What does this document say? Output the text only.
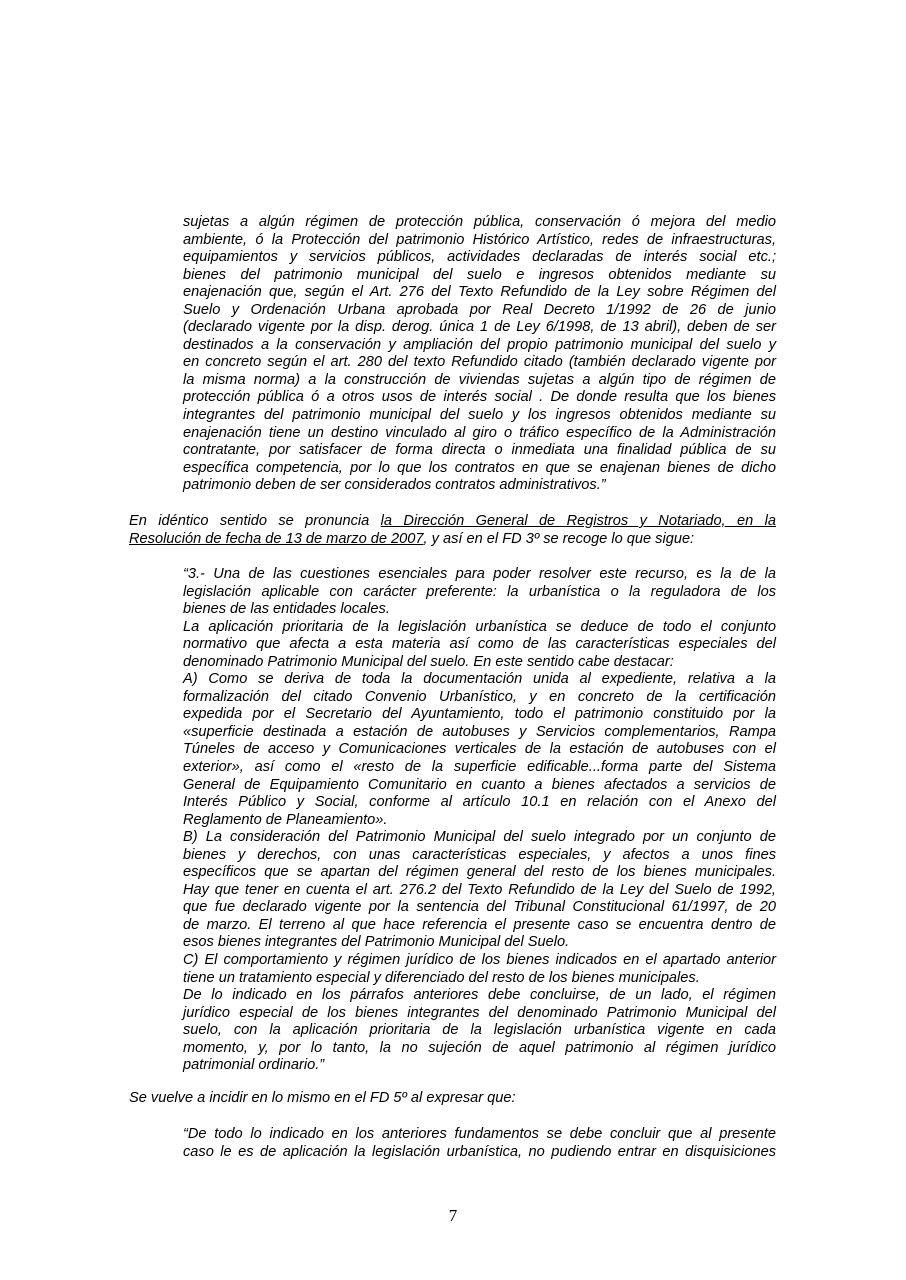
sujetas a algún régimen de protección pública, conservación ó mejora del medio
ambiente, ó la Protección del patrimonio Histórico Artístico, redes de infraestructuras,
equipamientos y servicios públicos, actividades declaradas de interés social etc.;
bienes del patrimonio municipal del suelo e ingresos obtenidos mediante su
enajenación que, según el Art. 276 del Texto Refundido de la Ley sobre Régimen del
Suelo y Ordenación Urbana aprobada por Real Decreto 1/1992 de 26 de junio
(declarado vigente por la disp. derog. única 1 de Ley 6/1998, de 13 abril), deben de ser
destinados a la conservación y ampliación del propio patrimonio municipal del suelo y
en concreto según el art. 280 del texto Refundido citado (también declarado vigente por
la misma norma) a la construcción de viviendas sujetas a algún tipo de régimen de
protección pública ó a otros usos de interés social . De donde resulta que los bienes
integrantes del patrimonio municipal del suelo y los ingresos obtenidos mediante su
enajenación tiene un destino vinculado al giro o tráfico específico de la Administración
contratante, por satisfacer de forma directa o inmediata una finalidad pública de su
específica competencia, por lo que los contratos en que se enajenan bienes de dicho
patrimonio deben de ser considerados contratos administrativos.”
En idéntico sentido se pronuncia la Dirección General de Registros y Notariado, en la
Resolución de fecha de 13 de marzo de 2007, y así en el FD 3º se recoge lo que sigue:
“3.- Una de las cuestiones esenciales para poder resolver este recurso, es la de la
legislación aplicable con carácter preferente: la urbanística o la reguladora de los
bienes de las entidades locales.
La aplicación prioritaria de la legislación urbanística se deduce de todo el conjunto
normativo que afecta a esta materia así como de las características especiales del
denominado Patrimonio Municipal del suelo. En este sentido cabe destacar:
A) Como se deriva de toda la documentación unida al expediente, relativa a la
formalización del citado Convenio Urbanístico, y en concreto de la certificación
expedida por el Secretario del Ayuntamiento, todo el patrimonio constituido por la
«superficie destinada a estación de autobuses y Servicios complementarios, Rampa
Túneles de acceso y Comunicaciones verticales de la estación de autobuses con el
exterior», así como el «resto de la superficie edificable...forma parte del Sistema
General de Equipamiento Comunitario en cuanto a bienes afectados a servicios de
Interés Público y Social, conforme al artículo 10.1 en relación con el Anexo del
Reglamento de Planeamiento».
B) La consideración del Patrimonio Municipal del suelo integrado por un conjunto de
bienes y derechos, con unas características especiales, y afectos a unos fines
específicos que se apartan del régimen general del resto de los bienes municipales.
Hay que tener en cuenta el art. 276.2 del Texto Refundido de la Ley del Suelo de 1992,
que fue declarado vigente por la sentencia del Tribunal Constitucional 61/1997, de 20
de marzo. El terreno al que hace referencia el presente caso se encuentra dentro de
esos bienes integrantes del Patrimonio Municipal del Suelo.
C) El comportamiento y régimen jurídico de los bienes indicados en el apartado anterior
tiene un tratamiento especial y diferenciado del resto de los bienes municipales.
De lo indicado en los párrafos anteriores debe concluirse, de un lado, el régimen
jurídico especial de los bienes integrantes del denominado Patrimonio Municipal del
suelo, con la aplicación prioritaria de la legislación urbanística vigente en cada
momento, y, por lo tanto, la no sujeción de aquel patrimonio al régimen jurídico
patrimonial ordinario.”
Se vuelve a incidir en lo mismo en el FD 5º al expresar que:
“De todo lo indicado en los anteriores fundamentos se debe concluir que al presente
caso le es de aplicación la legislación urbanística, no pudiendo entrar en disquisiciones
7
